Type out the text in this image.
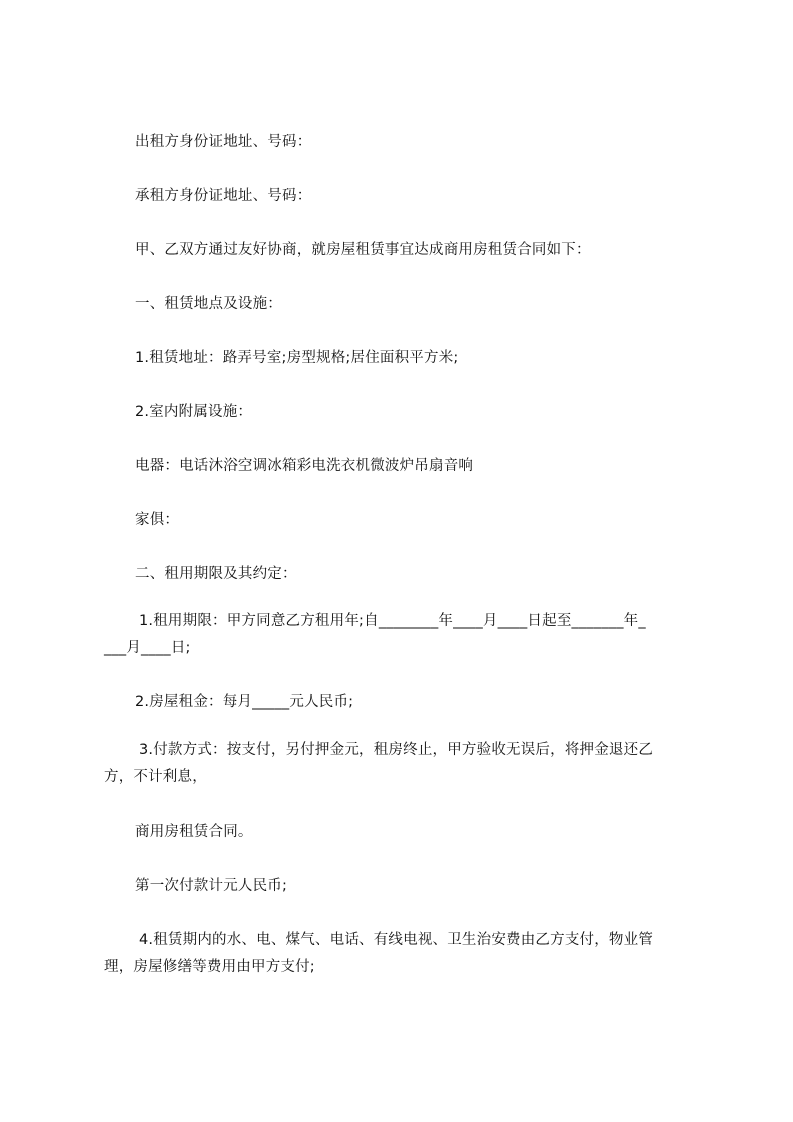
出租方身份证地址、号码：

承租方身份证地址、号码：

甲、乙双方通过友好协商，就房屋租赁事宜达成商用房租赁合同如下：

一、租赁地点及设施：

1.租赁地址：路弄号室;房型规格;居住面积平方米;

2.室内附属设施：

电器：电话沐浴空调冰箱彩电洗衣机微波炉吊扇音响

家俱：

二、租用期限及其约定：

1.租用期限：甲方同意乙方租用年;自________年____月____日起至_______年_

___月____日;

2.房屋租金：每月_____元人民币;

3.付款方式：按支付，另付押金元，租房终止，甲方验收无误后，将押金退还乙

方，不计利息，

商用房租赁合同。

第一次付款计元人民币;

4.租赁期内的水、电、煤气、电话、有线电视、卫生治安费由乙方支付，物业管

理，房屋修缮等费用由甲方支付;
